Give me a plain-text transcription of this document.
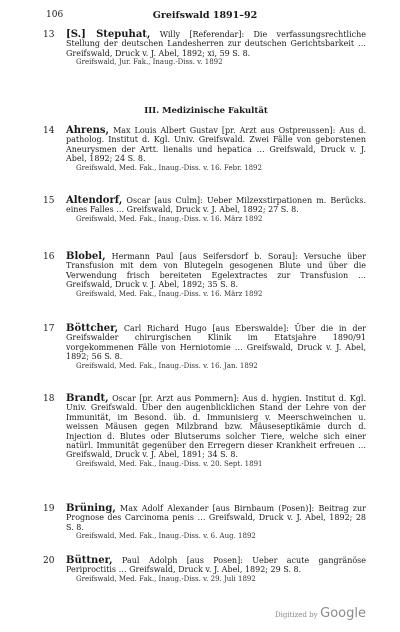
106	Greifswald 1891–92
13 [S.] Stepuhat, Willy [Referendar]: Die verfassungsrechtliche Stellung der deutschen Landesherren zur deutschen Gerichtsbarkeit … Greifswald, Druck v. J. Abel, 1892; xi, 59 S. 8.
Greifswald, Jur. Fak., Inaug.-Diss. v. 1892
III. Medizinische Fakultät
14 Ahrens, Max Louis Albert Gustav [pr. Arzt aus Ostpreussen]: Aus d. patholog. Institut d. Kgl. Univ. Greifswald. Zwei Fälle von geborstenen Aneurysmen der Artt. lienalis und hepatica … Greifswald, Druck v. J. Abel, 1892; 24 S. 8.
Greifswald, Med. Fak., Inaug.-Diss. v. 16. Febr. 1892
15 Altendorf, Oscar [aus Culm]: Ueber Milzexstirpationen m. Berücks. eines Falles … Greifswald, Druck v. J. Abel, 1892; 27 S. 8.
Greifswald, Med. Fak., Inaug.-Diss. v. 16. März 1892
16 Blobel, Hermann Paul [aus Seifersdorf b. Sorau]: Versuche über Transfusion mit dem von Blutegeln gesogenen Blute und über die Verwendung frisch bereiteten Egelextractes zur Transfusion … Greifswald, Druck v. J. Abel, 1892; 35 S. 8.
Greifswald, Med. Fak., Inaug.-Diss. v. 16. März 1892
17 Böttcher, Carl Richard Hugo [aus Eberswalde]: Über die in der Greifswalder chirurgischen Klinik im Etatsjahre 1890/91 vorgekommenen Fälle von Herniotomie … Greifswald, Druck v. J. Abel, 1892; 56 S. 8.
Greifswald, Med. Fak., Inaug.-Diss. v. 16. Jan. 1892
18 Brandt, Oscar [pr. Arzt aus Pommern]: Aus d. hygien. Institut d. Kgl. Univ. Greifswald. Über den augenblicklichen Stand der Lehre von der Immunität, im Besond. üb. d. Immunisierg v. Meerschweinchen u. weissen Mäusen gegen Milzbrand bzw. Mäuseseptikämie durch d. Injection d. Blutes oder Blutserums solcher Tiere, welche sich einer natürl. Immunität gegenüber den Erregern dieser Krankheit erfreuen … Greifswald, Druck v. J. Abel, 1891; 34 S. 8.
Greifswald, Med. Fak., Inaug.-Diss. v. 20. Sept. 1891
19 Brüning, Max Adolf Alexander [aus Birnbaum (Posen)]: Beitrag zur Prognose des Carcinoma penis … Greifswald, Druck v. J. Abel, 1892; 28 S. 8.
Greifswald, Med. Fak., Inaug.-Diss. v. 6. Aug. 1892
20 Büttner, Paul Adolph [aus Posen]: Ueber acute gangränöse Periproctitis … Greifswald, Druck v. J. Abel, 1892; 29 S. 8.
Greifswald, Med. Fak., Inaug.-Diss. v. 29. Juli 1892
Digitized by Google
